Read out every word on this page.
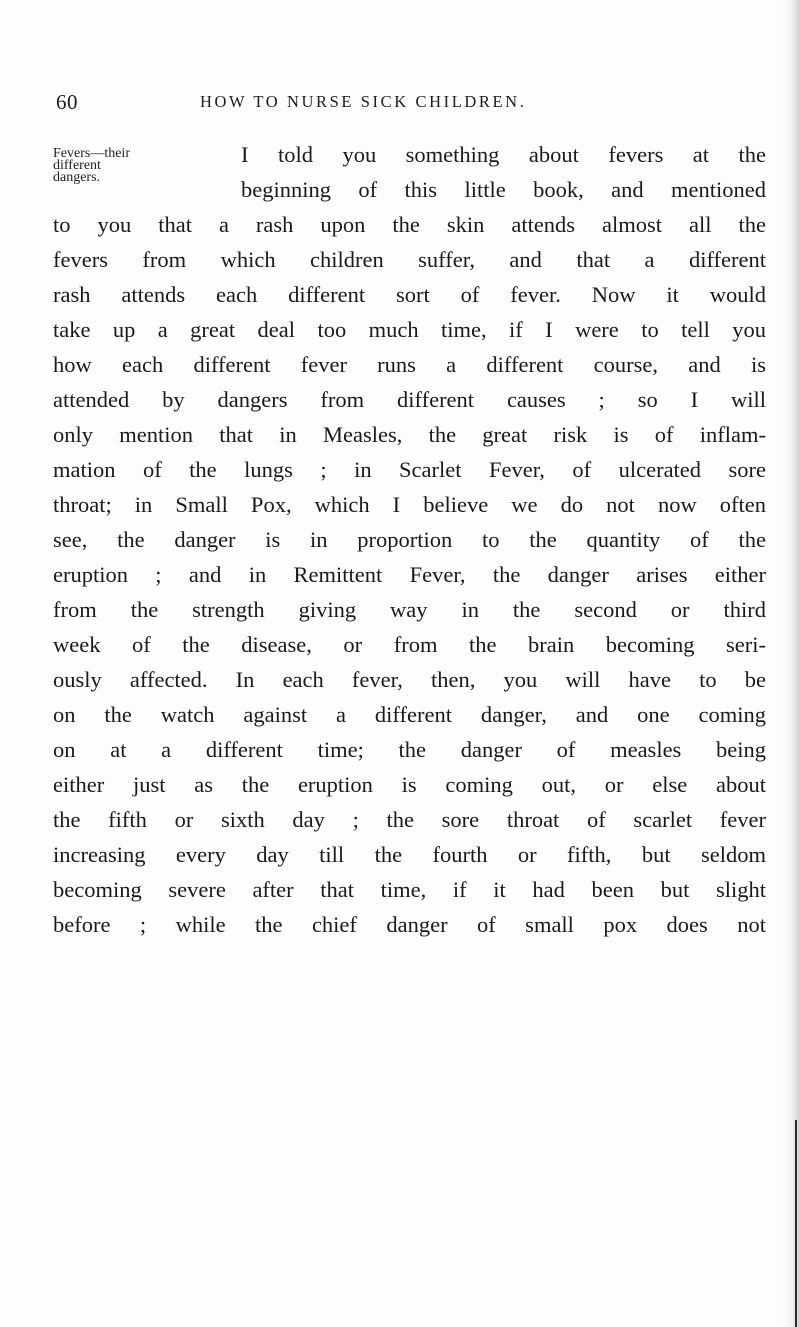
60	HOW TO NURSE SICK CHILDREN.
Fevers—their
different
dangers.
I told you something about fevers at the
beginning of this little book, and mentioned
to you that a rash upon the skin attends almost all the
fevers from which children suffer, and that a different
rash attends each different sort of fever. Now it would
take up a great deal too much time, if I were to tell you
how each different fever runs a different course, and is
attended by dangers from different causes ; so I will
only mention that in Measles, the great risk is of inflam-
mation of the lungs ; in Scarlet Fever, of ulcerated sore
throat; in Small Pox, which I believe we do not now often
see, the danger is in proportion to the quantity of the
eruption ; and in Remittent Fever, the danger arises either
from the strength giving way in the second or third
week of the disease, or from the brain becoming seri-
ously affected. In each fever, then, you will have to be
on the watch against a different danger, and one coming
on at a different time; the danger of measles being
either just as the eruption is coming out, or else about
the fifth or sixth day ; the sore throat of scarlet fever
increasing every day till the fourth or fifth, but seldom
becoming severe after that time, if it had been but slight
before ; while the chief danger of small pox does not
